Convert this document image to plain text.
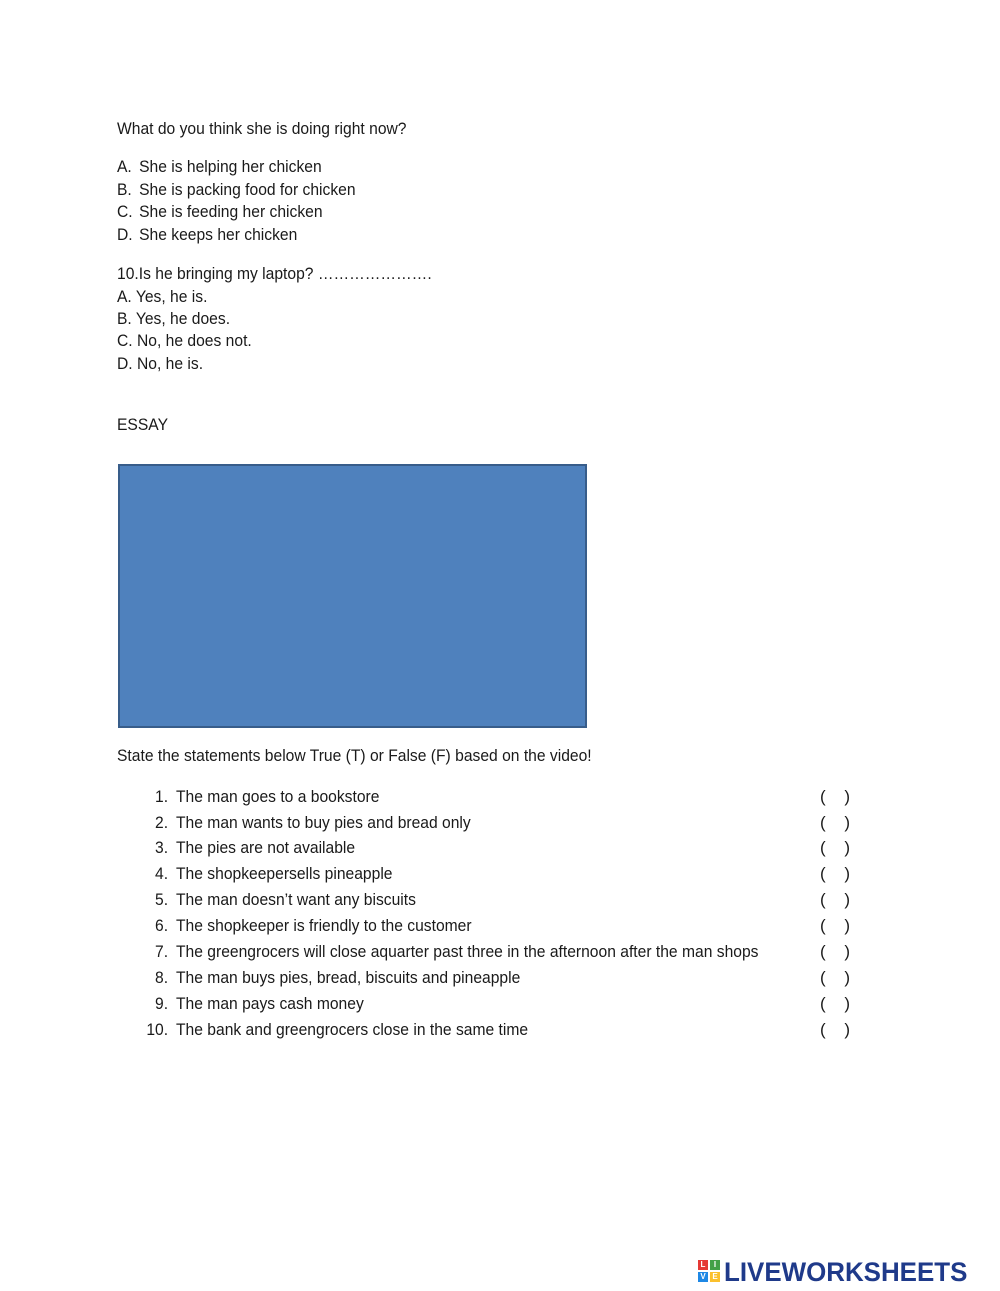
What do you think she is doing right now?
A. She is helping her chicken
B. She is packing food for chicken
C. She is feeding her chicken
D. She keeps her chicken
10.Is he bringing my laptop? ………………….
A. Yes, he is.
B. Yes, he does.
C. No, he does not.
D. No, he is.
ESSAY
State the statements below True (T) or False (F) based on the video!
1. The man goes to a bookstore	( )
2. The man wants to buy pies and bread only	( )
3. The pies are not available	( )
4. The shopkeepersells pineapple	( )
5. The man doesn’t want any biscuits	( )
6. The shopkeeper is friendly to the customer	( )
7. The greengrocers will close aquarter past three in the afternoon after the man shops	( )
8. The man buys pies, bread, biscuits and pineapple	( )
9. The man pays cash money	( )
10. The bank and greengrocers close in the same time	( )
L	I
V E LIVEWORKSHEETS
